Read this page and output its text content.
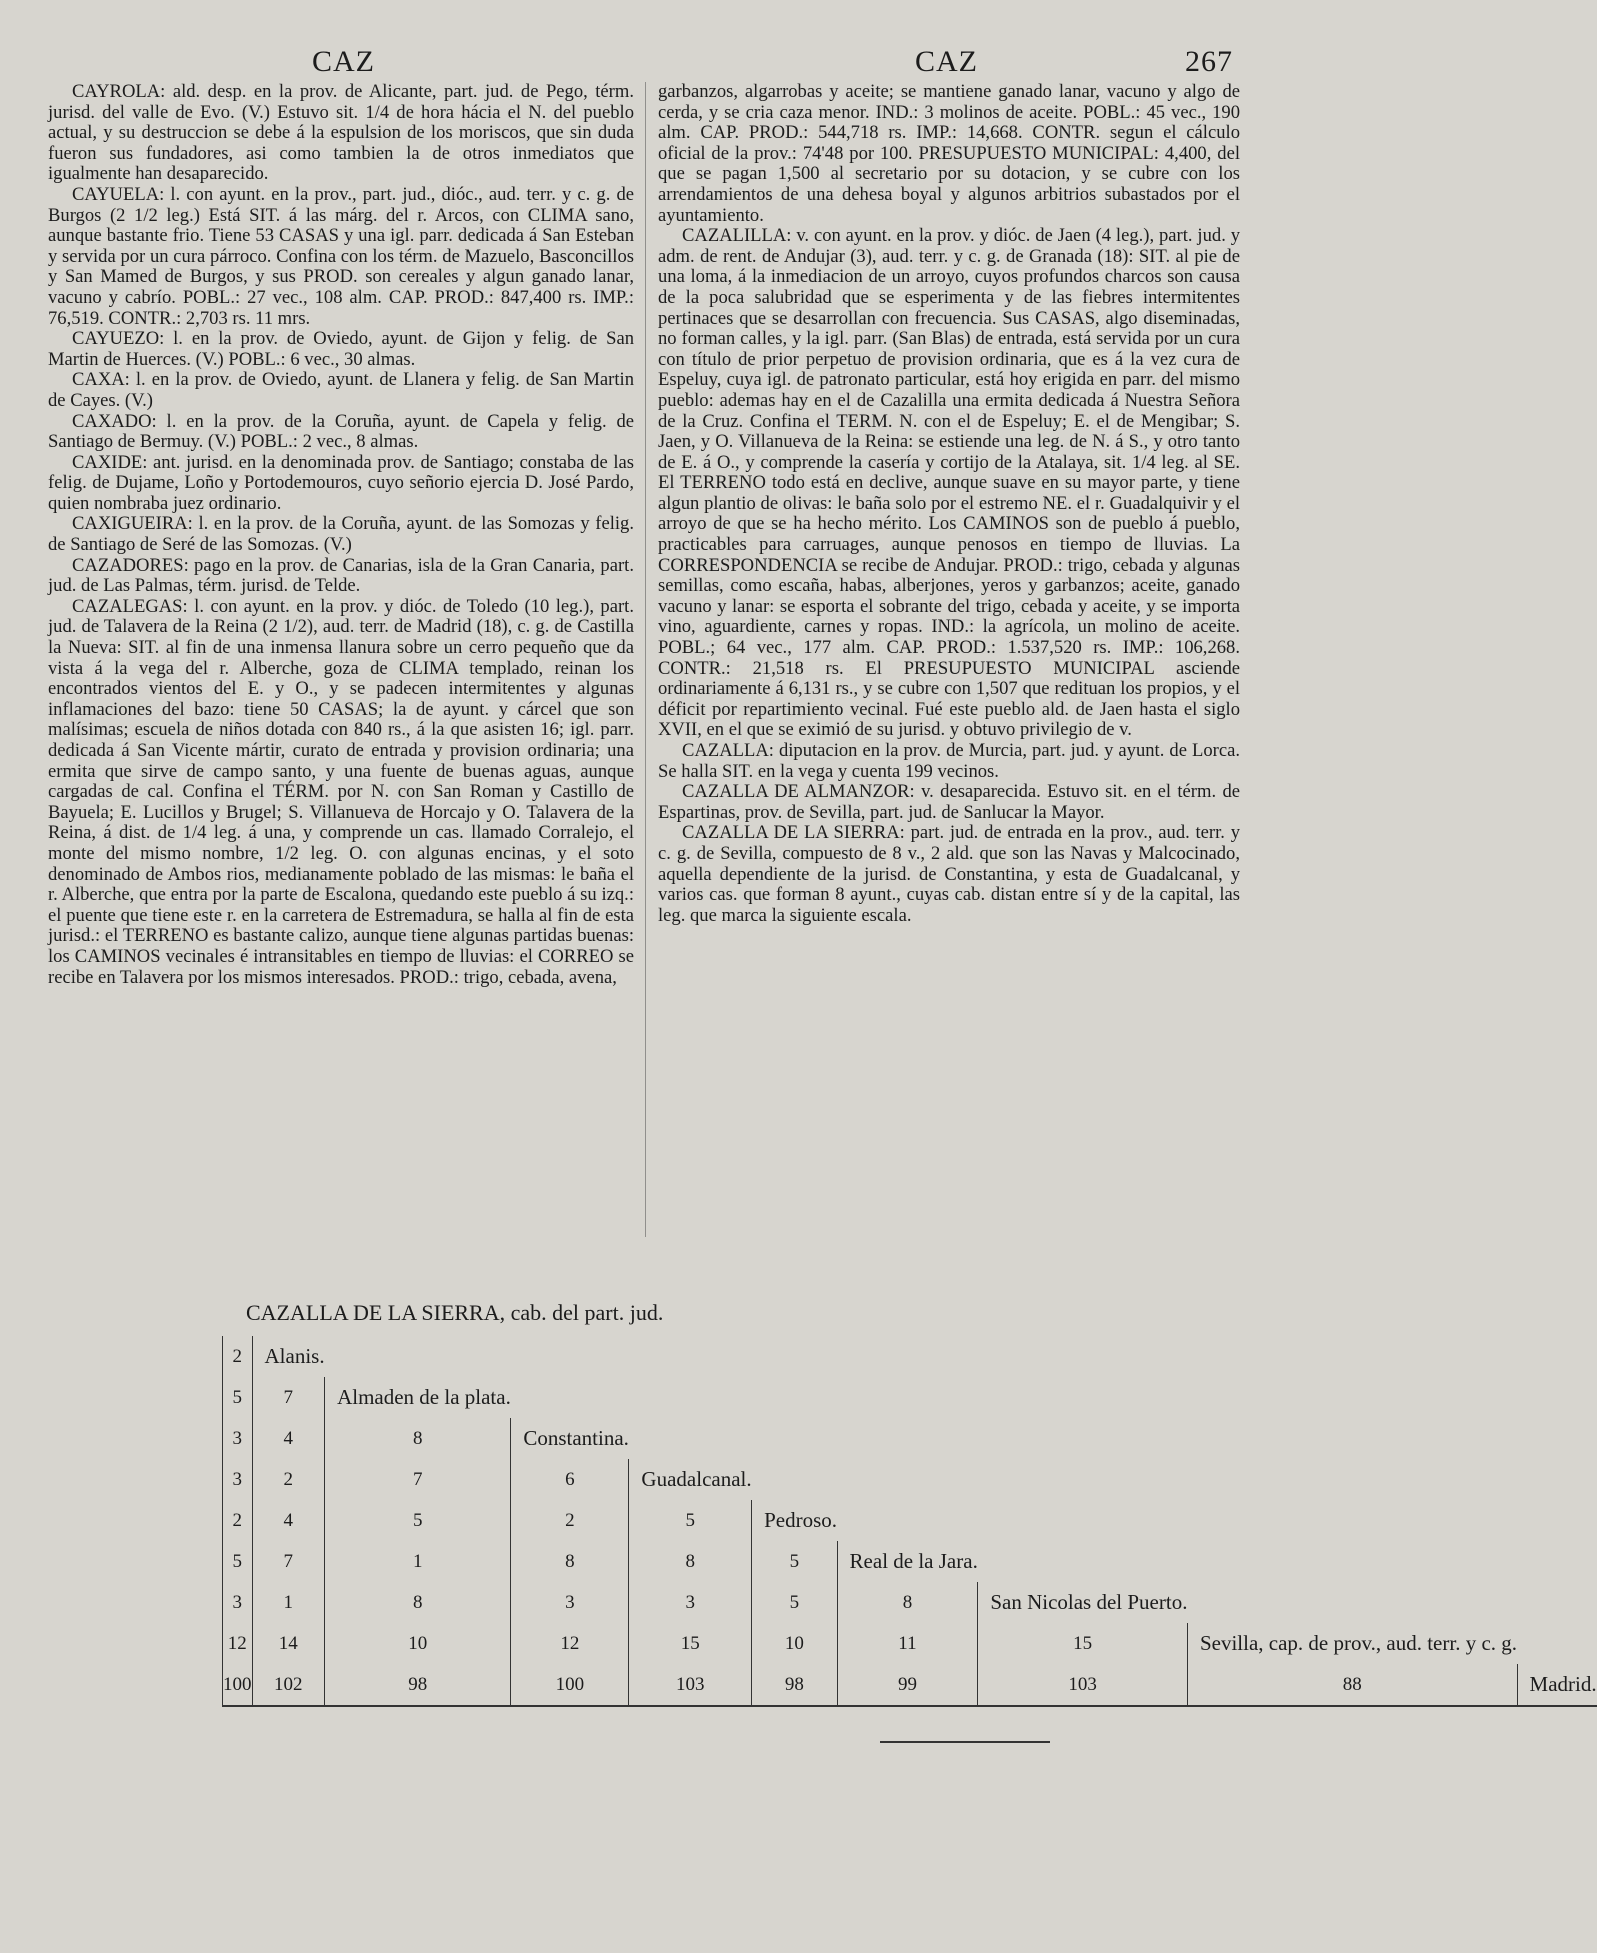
CAZ	CAZ	267

CAYROLA: ald. desp. en la prov. de Alicante, part. jud. de Pego, térm. jurisd. del valle de Evo. (V.) Estuvo sit. 1/4 de hora hácia el N. del pueblo actual, y su destruccion se debe á la espulsion de los moriscos, que sin duda fueron sus fundadores, asi como tambien la de otros inmediatos que igualmente han desaparecido.

CAYUELA: l. con ayunt. en la prov., part. jud., dióc., aud. terr. y c. g. de Burgos (2 1/2 leg.) Está SIT. á las márg. del r. Arcos, con CLIMA sano, aunque bastante frio. Tiene 53 CASAS y una igl. parr. dedicada á San Esteban y servida por un cura párroco. Confina con los térm. de Mazuelo, Basconcillos y San Mamed de Burgos, y sus PROD. son cereales y algun ganado lanar, vacuno y cabrío. POBL.: 27 vec., 108 alm. CAP. PROD.: 847,400 rs. IMP.: 76,519. CONTR.: 2,703 rs. 11 mrs.

CAYUEZO: l. en la prov. de Oviedo, ayunt. de Gijon y felig. de San Martin de Huerces. (V.) POBL.: 6 vec., 30 almas.

CAXA: l. en la prov. de Oviedo, ayunt. de Llanera y felig. de San Martin de Cayes. (V.)

CAXADO: l. en la prov. de la Coruña, ayunt. de Capela y felig. de Santiago de Bermuy. (V.) POBL.: 2 vec., 8 almas.

CAXIDE: ant. jurisd. en la denominada prov. de Santiago; constaba de las felig. de Dujame, Loño y Portodemouros, cuyo señorio ejercia D. José Pardo, quien nombraba juez ordinario.

CAXIGUEIRA: l. en la prov. de la Coruña, ayunt. de las Somozas y felig. de Santiago de Seré de las Somozas. (V.)

CAZADORES: pago en la prov. de Canarias, isla de la Gran Canaria, part. jud. de Las Palmas, térm. jurisd. de Telde.

CAZALEGAS: l. con ayunt. en la prov. y dióc. de Toledo (10 leg.), part. jud. de Talavera de la Reina (2 1/2), aud. terr. de Madrid (18), c. g. de Castilla la Nueva: SIT. al fin de una inmensa llanura sobre un cerro pequeño que da vista á la vega del r. Alberche, goza de CLIMA templado, reinan los encontrados vientos del E. y O., y se padecen intermitentes y algunas inflamaciones del bazo: tiene 50 CASAS; la de ayunt. y cárcel que son malísimas; escuela de niños dotada con 840 rs., á la que asisten 16; igl. parr. dedicada á San Vicente mártir, curato de entrada y provision ordinaria; una ermita que sirve de campo santo, y una fuente de buenas aguas, aunque cargadas de cal. Confina el TÉRM. por N. con San Roman y Castillo de Bayuela; E. Lucillos y Brugel; S. Villanueva de Horcajo y O. Talavera de la Reina, á dist. de 1/4 leg. á una, y comprende un cas. llamado Corralejo, el monte del mismo nombre, 1/2 leg. O. con algunas encinas, y el soto denominado de Ambos rios, medianamente poblado de las mismas: le baña el r. Alberche, que entra por la parte de Escalona, quedando este pueblo á su izq.: el puente que tiene este r. en la carretera de Estremadura, se halla al fin de esta jurisd.: el TERRENO es bastante calizo, aunque tiene algunas partidas buenas: los CAMINOS vecinales é intransitables en tiempo de lluvias: el CORREO se recibe en Talavera por los mismos interesados. PROD.: trigo, cebada, avena,

garbanzos, algarrobas y aceite; se mantiene ganado lanar, vacuno y algo de cerda, y se cria caza menor. IND.: 3 molinos de aceite. POBL.: 45 vec., 190 alm. CAP. PROD.: 544,718 rs. IMP.: 14,668. CONTR. segun el cálculo oficial de la prov.: 74'48 por 100. PRESUPUESTO MUNICIPAL: 4,400, del que se pagan 1,500 al secretario por su dotacion, y se cubre con los arrendamientos de una dehesa boyal y algunos arbitrios subastados por el ayuntamiento.

CAZALILLA: v. con ayunt. en la prov. y dióc. de Jaen (4 leg.), part. jud. y adm. de rent. de Andujar (3), aud. terr. y c. g. de Granada (18): SIT. al pie de una loma, á la inmediacion de un arroyo, cuyos profundos charcos son causa de la poca salubridad que se esperimenta y de las fiebres intermitentes pertinaces que se desarrollan con frecuencia. Sus CASAS, algo diseminadas, no forman calles, y la igl. parr. (San Blas) de entrada, está servida por un cura con título de prior perpetuo de provision ordinaria, que es á la vez cura de Espeluy, cuya igl. de patronato particular, está hoy erigida en parr. del mismo pueblo: ademas hay en el de Cazalilla una ermita dedicada á Nuestra Señora de la Cruz. Confina el TERM. N. con el de Espeluy; E. el de Mengibar; S. Jaen, y O. Villanueva de la Reina: se estiende una leg. de N. á S., y otro tanto de E. á O., y comprende la casería y cortijo de la Atalaya, sit. 1/4 leg. al SE. El TERRENO todo está en declive, aunque suave en su mayor parte, y tiene algun plantio de olivas: le baña solo por el estremo NE. el r. Guadalquivir y el arroyo de que se ha hecho mérito. Los CAMINOS son de pueblo á pueblo, practicables para carruages, aunque penosos en tiempo de lluvias. La CORRESPONDENCIA se recibe de Andujar. PROD.: trigo, cebada y algunas semillas, como escaña, habas, alberjones, yeros y garbanzos; aceite, ganado vacuno y lanar: se esporta el sobrante del trigo, cebada y aceite, y se importa vino, aguardiente, carnes y ropas. IND.: la agrícola, un molino de aceite. POBL.; 64 vec., 177 alm. CAP. PROD.: 1.537,520 rs. IMP.: 106,268. CONTR.: 21,518 rs. El PRESUPUESTO MUNICIPAL asciende ordinariamente á 6,131 rs., y se cubre con 1,507 que redituan los propios, y el déficit por repartimiento vecinal. Fué este pueblo ald. de Jaen hasta el siglo XVII, en el que se eximió de su jurisd. y obtuvo privilegio de v.

CAZALLA: diputacion en la prov. de Murcia, part. jud. y ayunt. de Lorca. Se halla SIT. en la vega y cuenta 199 vecinos.

CAZALLA DE ALMANZOR: v. desaparecida. Estuvo sit. en el térm. de Espartinas, prov. de Sevilla, part. jud. de Sanlucar la Mayor.

CAZALLA DE LA SIERRA: part. jud. de entrada en la prov., aud. terr. y c. g. de Sevilla, compuesto de 8 v., 2 ald. que son las Navas y Malcocinado, aquella dependiente de la jurisd. de Constantina, y esta de Guadalcanal, y varios cas. que forman 8 ayunt., cuyas cab. distan entre sí y de la capital, las leg. que marca la siguiente escala.

CAZALLA DE LA SIERRA, cab. del part. jud.
2	Alanis.								
5	7	Almaden de la plata.							
3	4	8	Constantina.						
3	2	7	6	Guadalcanal.					
2	4	5	2	5	Pedroso.				
5	7	1	8	8	5	Real de la Jara.			
3	1	8	3	3	5	8	San Nicolas del Puerto.		
12	14	10	12	15	10	11	15	Sevilla, cap. de prov., aud. terr. y c. g.	
100	102	98	100	103	98	99	103	88	Madrid.
